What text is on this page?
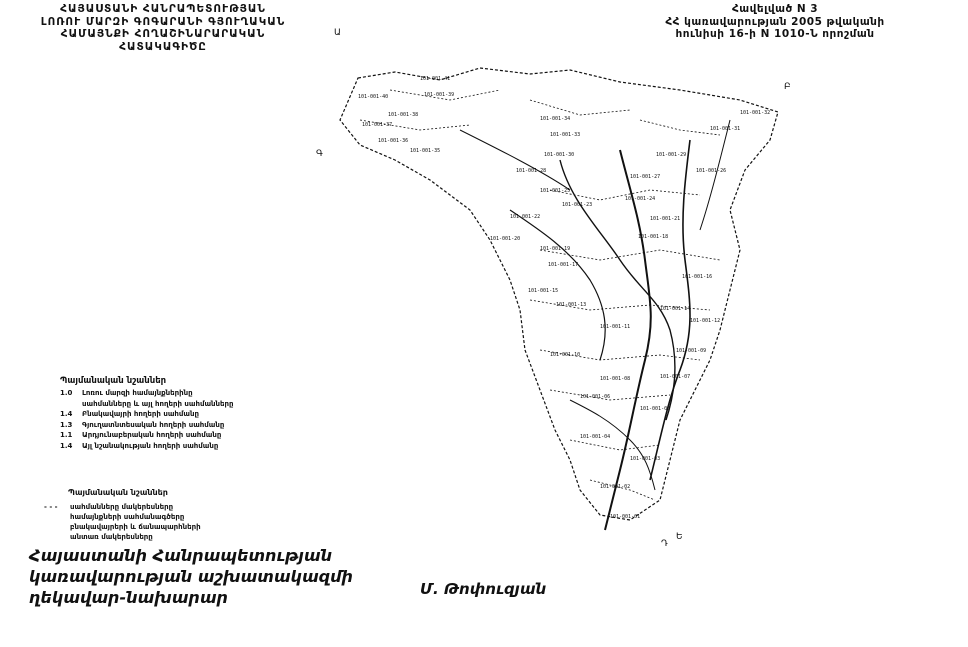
ՀԱՅԱՍՏԱՆԻ ՀԱՆՐԱՊԵՏՈՒԹՅԱՆ
ԼՈՌՈՒ ՄԱՐԶԻ ԳՈԳԱՐԱՆԻ ԳՅՈՒՂԱԿԱՆ
ՀԱՄԱՅՆՔԻ ՀՈՂԱՇԻՆԱՐԱՐԱԿԱՆ
ՀԱՏԱԿԱԳԻԾԸ
Հավելված N 3
ՀՀ կառավարության 2005 թվականի
հունիսի 16-ի N 1010-Ն որոշման
Ա
Բ
Գ
Դ
Ե
101-001-41
101-001-40	101-001-39
101-001-38
101-001-37
101-001-36
101-001-35
101-001-34
101-001-33
101-001-32
101-001-31
101-001-30	101-001-29
101-001-28
101-001-27
101-001-26
101-001-25
101-001-24
101-001-23
101-001-22	101-001-21
101-001-20
101-001-19
101-001-18
101-001-17
101-001-16
101-001-15
101-001-14
101-001-13
101-001-12
101-001-11
101-001-10
101-001-09
101-001-08	101-001-07
101-001-06
101-001-05
101-001-04
101-001-03
101-001-02
101-001-01
Պայմանական նշաններ
1.0 Լոռու մարզի համայնքներինը
սահմանները և այլ հողերի սահմանները
1.4 Բնակավայրի հողերի սահմանը
1.3 Գյուղատնտեսական հողերի սահմանը
1.1 Արդյունաբերական հողերի սահմանը
1.4 Այլ նշանակության հողերի սահմանը
Պայմանական նշաններ
- - - սահմանները մակերեսները
համայնքների սահմանագծերը
բնակավայրերի և ճանապարհների
անտառ մակերեսները
Հայաստանի Հանրապետության
կառավարության աշխատակազմի
ղեկավար-նախարար	Մ. Թոփուզյան
